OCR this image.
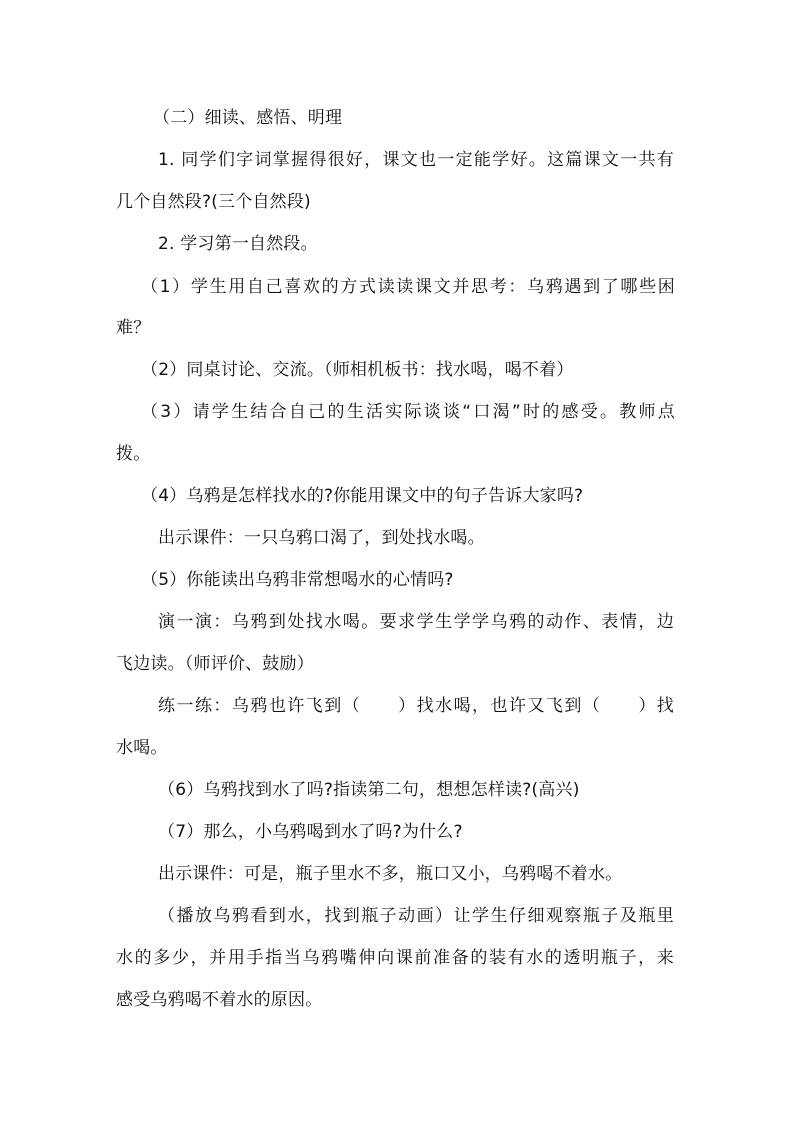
（二）细读、感悟、明理
1. 同学们字词掌握得很好，课文也一定能学好。这篇课文一共有
几个自然段?(三个自然段)
2. 学习第一自然段。
（1）学生用自己喜欢的方式读读课文并思考：乌鸦遇到了哪些困
难？
（2）同桌讨论、交流。（师相机板书：找水喝，喝不着）
（3）请学生结合自己的生活实际谈谈“口渴”时的感受。教师点
拨。
（4）乌鸦是怎样找水的?你能用课文中的句子告诉大家吗?
出示课件：一只乌鸦口渴了，到处找水喝。
（5）你能读出乌鸦非常想喝水的心情吗?
演一演：乌鸦到处找水喝。要求学生学学乌鸦的动作、表情，边
飞边读。（师评价、鼓励）
练一练：乌鸦也许飞到（　　）找水喝，也许又飞到（　　）找
水喝。
（6）乌鸦找到水了吗?指读第二句，想想怎样读?(高兴)
（7）那么，小乌鸦喝到水了吗?为什么?
出示课件：可是，瓶子里水不多，瓶口又小，乌鸦喝不着水。
（播放乌鸦看到水，找到瓶子动画）让学生仔细观察瓶子及瓶里
水的多少，并用手指当乌鸦嘴伸向课前准备的装有水的透明瓶子，来
感受乌鸦喝不着水的原因。
